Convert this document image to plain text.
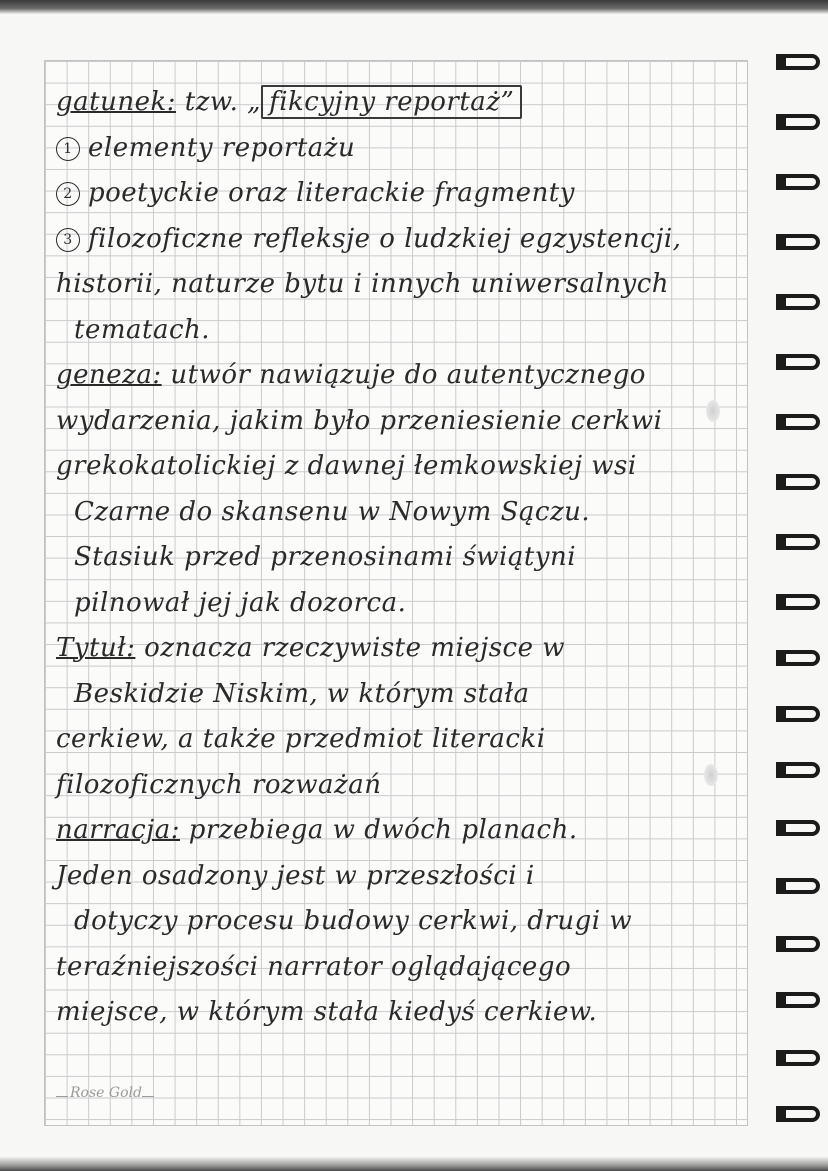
gatunek: tzw. „ fikcyjny reportaż”
1 elementy reportażu
2 poetyckie oraz literackie fragmenty
3 filozoficzne refleksje o ludzkiej egzystencji,
historii, naturze bytu i innych uniwersalnych
tematach.
geneza: utwór nawiązuje do autentycznego
wydarzenia, jakim było przeniesienie cerkwi
grekokatolickiej z dawnej łemkowskiej wsi
Czarne do skansenu w Nowym Sączu.
Stasiuk przed przenosinami świątyni
pilnował jej jak dozorca.
Tytuł: oznacza rzeczywiste miejsce w
Beskidzie Niskim, w którym stała
cerkiew, a także przedmiot literacki
filozoficznych rozważań
narracja: przebiega w dwóch planach.
Jeden osadzony jest w przeszłości i
dotyczy procesu budowy cerkwi, drugi w
teraźniejszości narrator oglądającego
miejsce, w którym stała kiedyś cerkiew.
Rose Gold
